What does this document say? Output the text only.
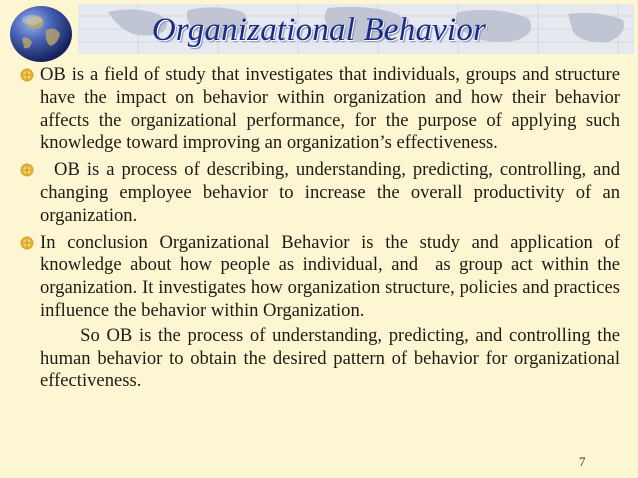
Organizational Behavior
OB is a field of study that investigates that individuals, groups and structure have the impact on behavior within organization and how their behavior affects the organizational performance, for the purpose of applying such knowledge toward improving an organization’s effectiveness.
OB is a process of describing, understanding, predicting, controlling, and changing employee behavior to increase the overall productivity of an organization.
In conclusion Organizational Behavior is the study and application of knowledge about how people as individual, and  as group act within the organization. It investigates how organization structure, policies and practices influence the behavior within Organization.
So OB is the process of understanding, predicting, and controlling the human behavior to obtain the desired pattern of behavior for organizational effectiveness.
7
